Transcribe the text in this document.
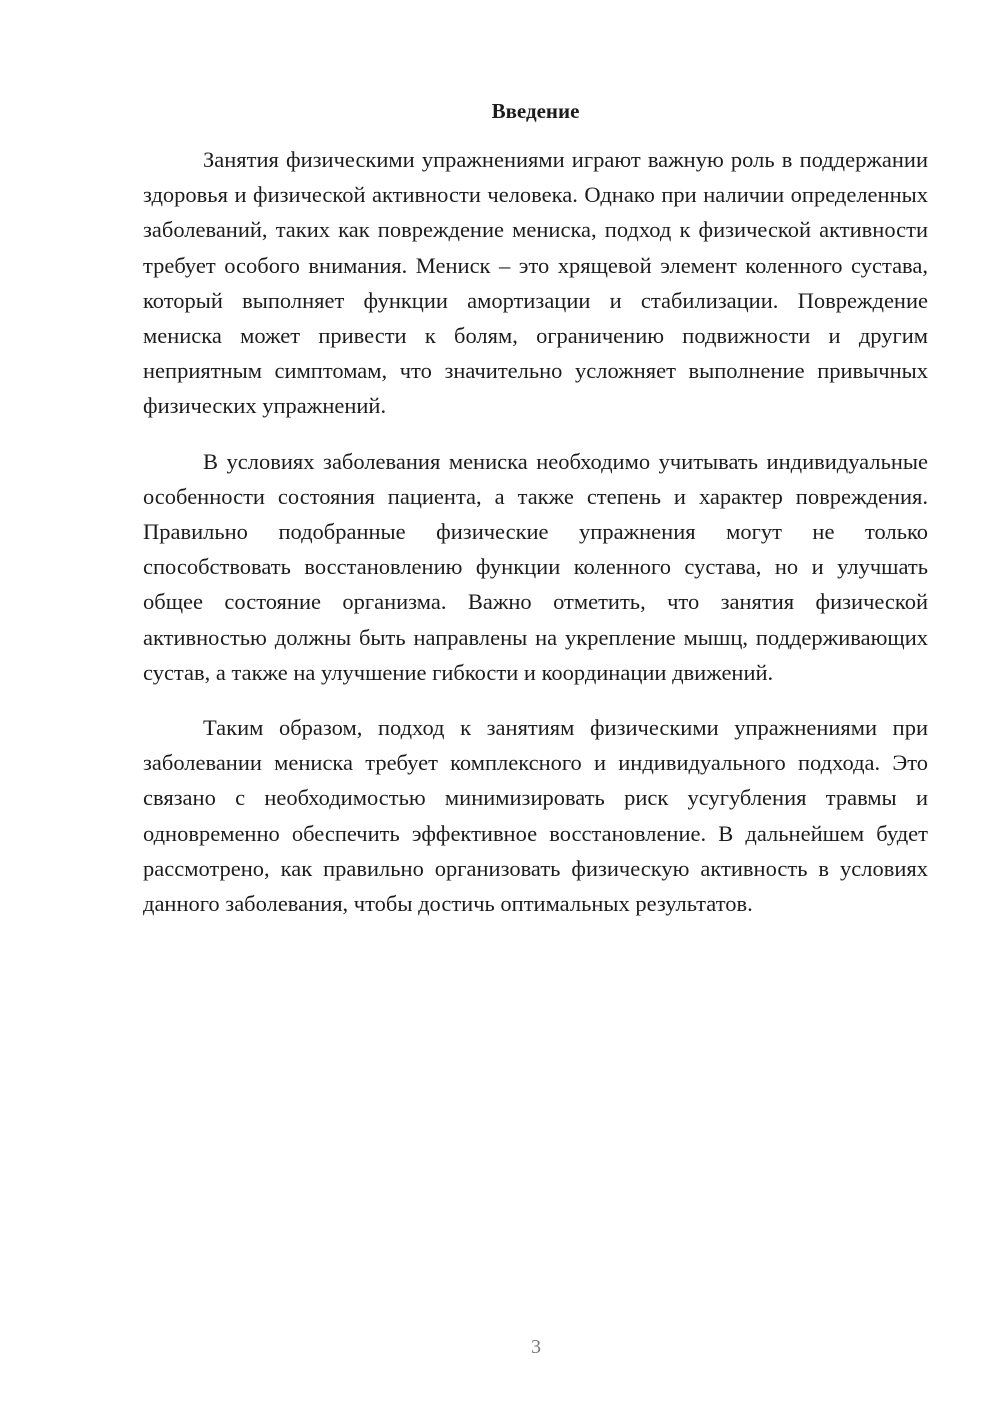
Введение

Занятия физическими упражнениями играют важную роль в поддержании здоровья и физической активности человека. Однако при наличии определенных заболеваний, таких как повреждение мениска, подход к физической активности требует особого внимания. Мениск – это хрящевой элемент коленного сустава, который выполняет функции амортизации и стабилизации. Повреждение мениска может привести к болям, ограничению подвижности и другим неприятным симптомам, что значительно усложняет выполнение привычных физических упражнений.

В условиях заболевания мениска необходимо учитывать индивидуальные особенности состояния пациента, а также степень и характер повреждения. Правильно подобранные физические упражнения могут не только способствовать восстановлению функции коленного сустава, но и улучшать общее состояние организма. Важно отметить, что занятия физической активностью должны быть направлены на укрепление мышц, поддерживающих сустав, а также на улучшение гибкости и координации движений.

Таким образом, подход к занятиям физическими упражнениями при заболевании мениска требует комплексного и индивидуального подхода. Это связано с необходимостью минимизировать риск усугубления травмы и одновременно обеспечить эффективное восстановление. В дальнейшем будет рассмотрено, как правильно организовать физическую активность в условиях данного заболевания, чтобы достичь оптимальных результатов.

3
